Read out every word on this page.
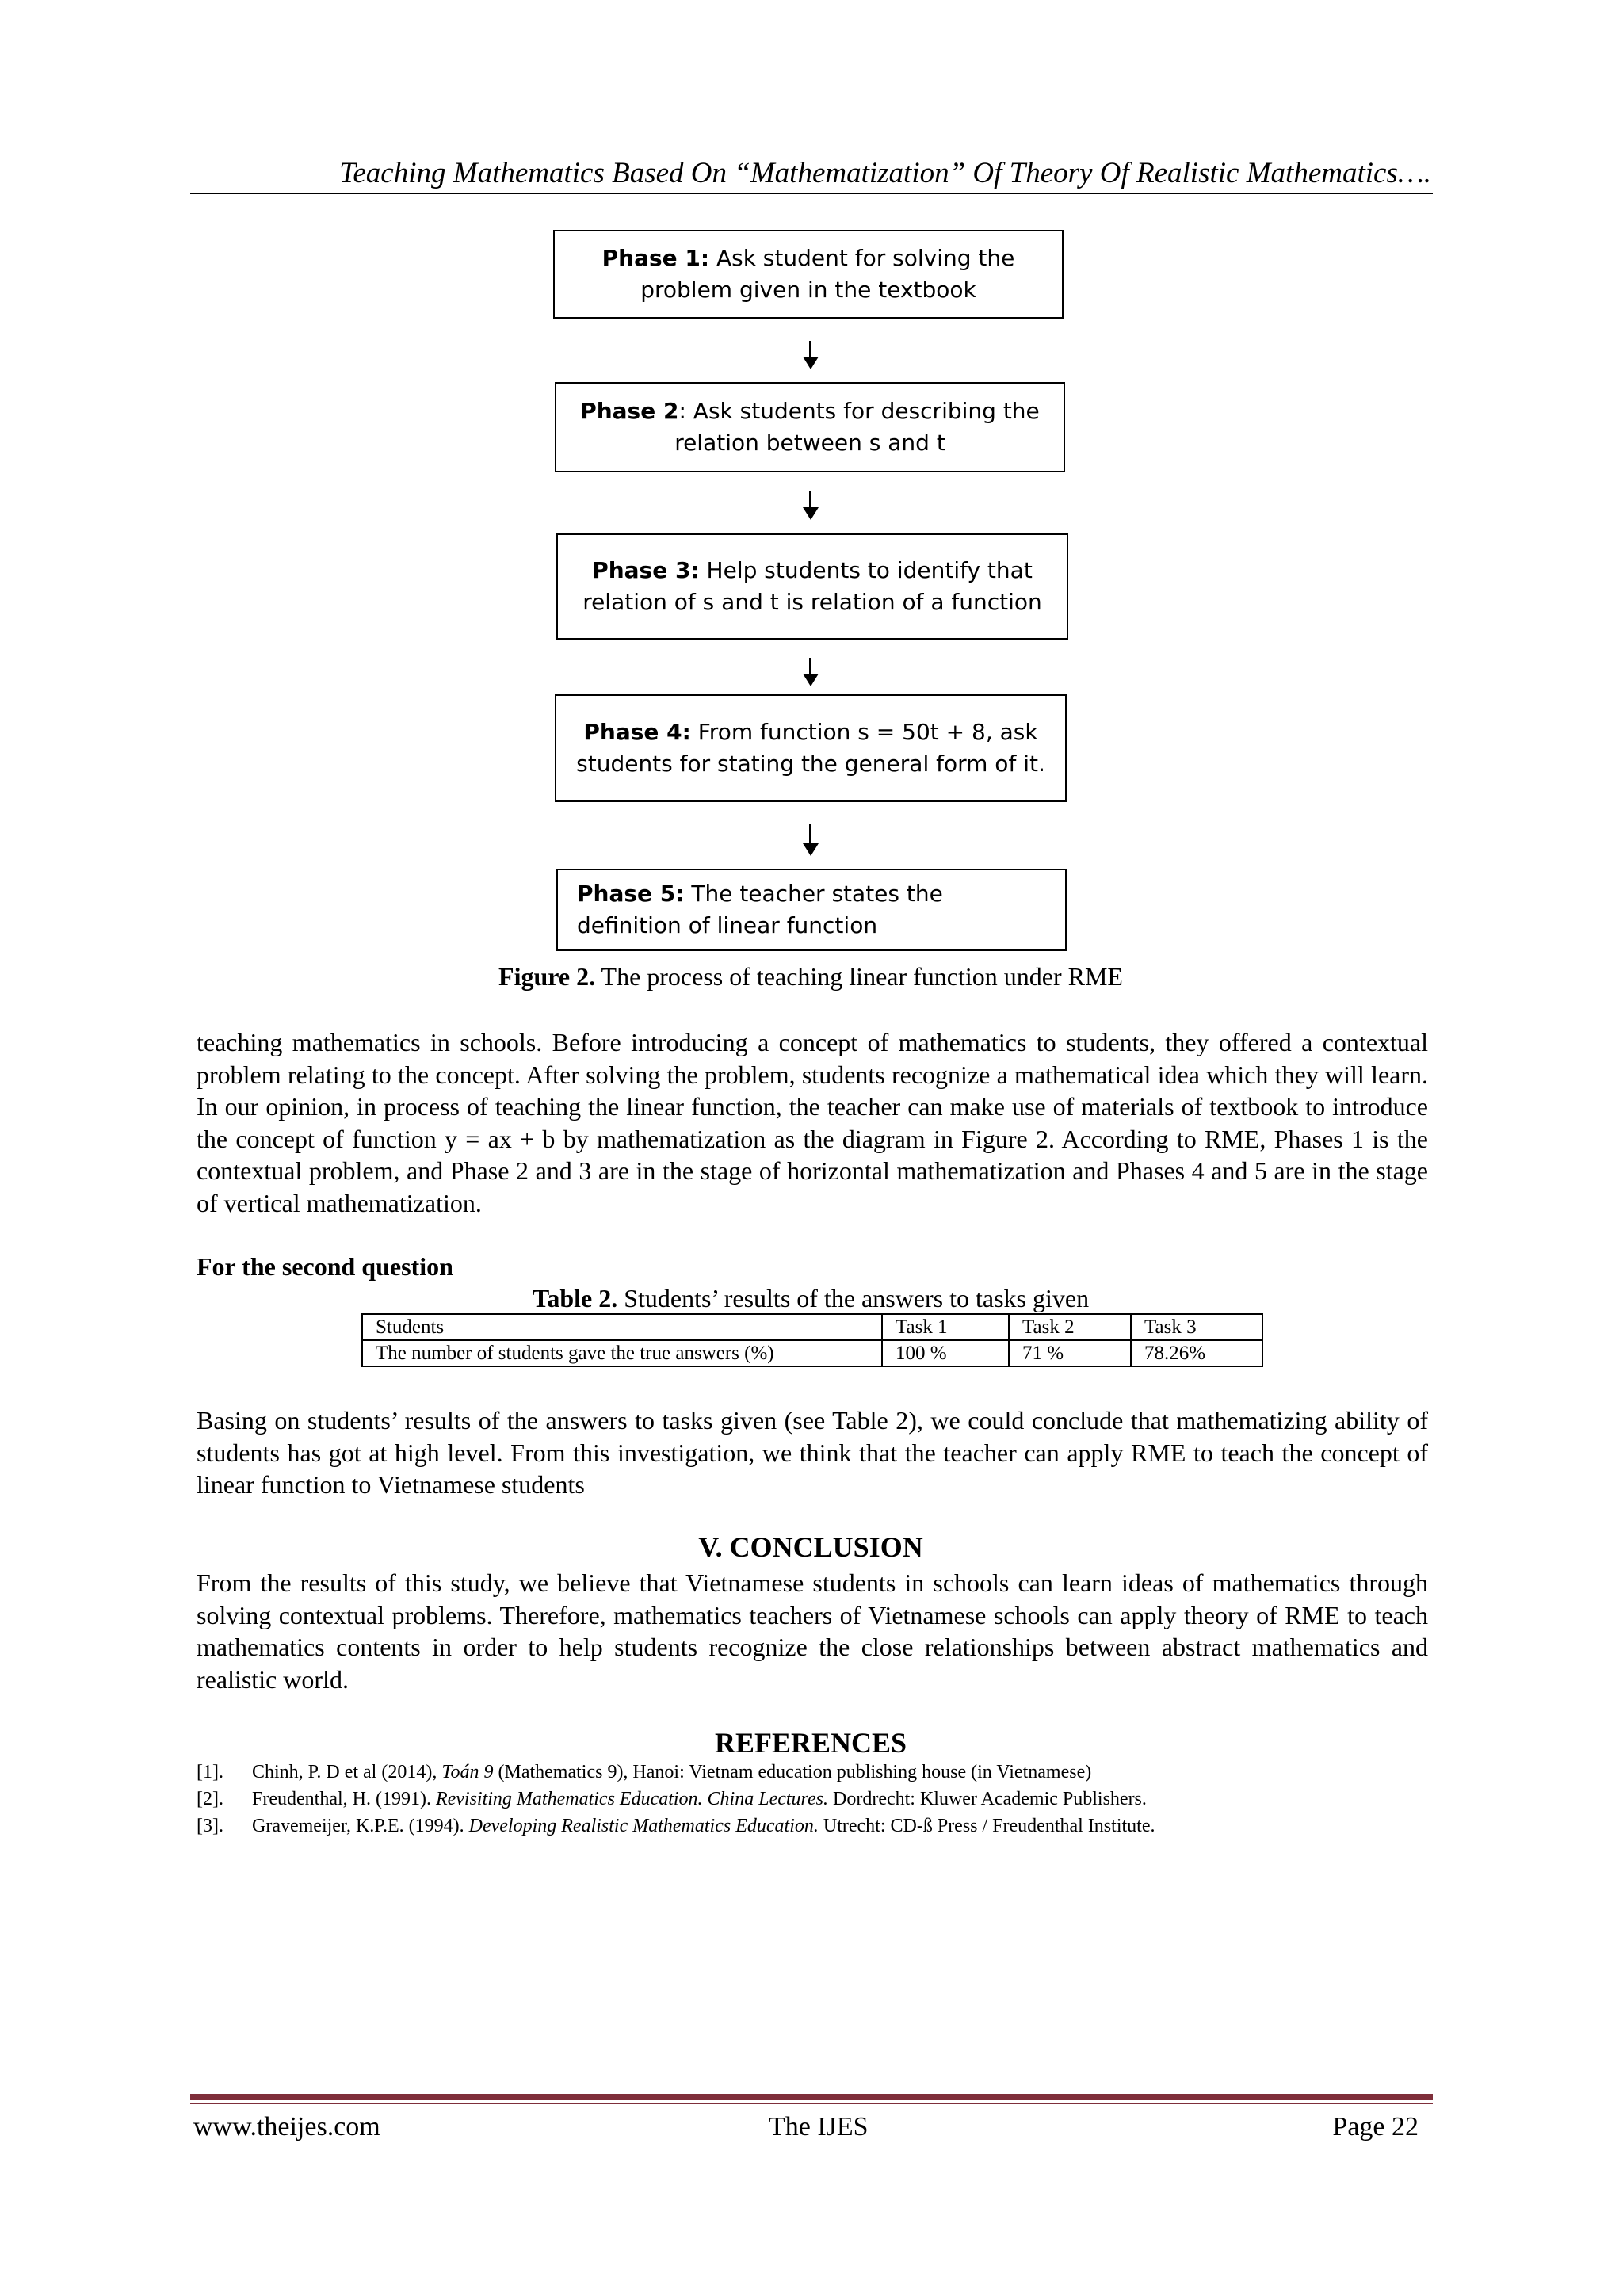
Teaching Mathematics Based On “Mathematization” Of Theory Of Realistic Mathematics….
Phase 1: Ask student for solving the problem given in the textbook
Phase 2: Ask students for describing the relation between s and t
Phase 3: Help students to identify that relation of s and t is relation of a function
Phase 4: From function s = 50t + 8, ask students for stating the general form of it.
Phase 5: The teacher states the definition of linear function
Figure 2. The process of teaching linear function under RME
teaching mathematics in schools. Before introducing a concept of mathematics to students, they offered a contextual problem relating to the concept. After solving the problem, students recognize a mathematical idea which they will learn. In our opinion, in process of teaching the linear function, the teacher can make use of materials of textbook to introduce the concept of function y = ax + b by mathematization as the diagram in Figure 2. According to RME, Phases 1 is the contextual problem, and Phase 2 and 3 are in the stage of horizontal mathematization and Phases 4 and 5 are in the stage of vertical mathematization.
For the second question
Table 2. Students’ results of the answers to tasks given
Students	Task 1	Task 2	Task 3
The number of students gave the true answers (%)	100 %	71 %	78.26%
Basing on students’ results of the answers to tasks given (see Table 2), we could conclude that mathematizing ability of students has got at high level. From this investigation, we think that the teacher can apply RME to teach the concept of linear function to Vietnamese students
V. CONCLUSION
From the results of this study, we believe that Vietnamese students in schools can learn ideas of mathematics through solving contextual problems. Therefore, mathematics teachers of Vietnamese schools can apply theory of RME to teach mathematics contents in order to help students recognize the close relationships between abstract mathematics and realistic world.
REFERENCES
[1]. Chinh, P. D et al (2014), Toán 9 (Mathematics 9), Hanoi: Vietnam education publishing house (in Vietnamese)
[2]. Freudenthal, H. (1991). Revisiting Mathematics Education. China Lectures. Dordrecht: Kluwer Academic Publishers.
[3]. Gravemeijer, K.P.E. (1994). Developing Realistic Mathematics Education. Utrecht: CD-ß Press / Freudenthal Institute.
www.theijes.com	The IJES	Page 22
